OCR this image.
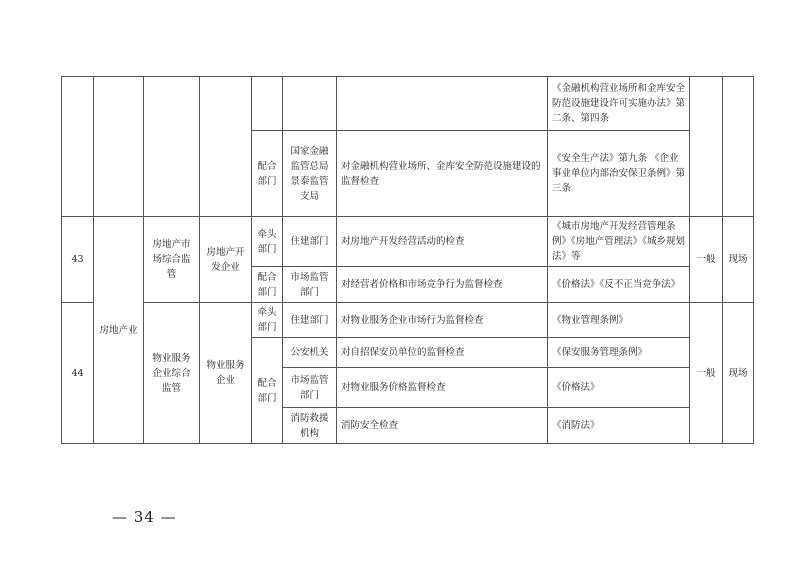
							《金融机构营业场所和金库安全防范设施建设许可实施办法》第二条、第四条		
				配合部门	国家金融监管总局景泰监管支局	对金融机构营业场所、金库安全防范设施建设的监督检查	《安全生产法》第九条 《企业事业单位内部治安保卫条例》第三条		
43	房地产业	房地产市场综合监管	房地产开发企业	牵头部门	住建部门	对房地产开发经营活动的检查	《城市房地产开发经营管理条例》《房地产管理法》《城乡规划法》等	一般	现场
				配合部门	市场监管部门	对经营者价格和市场竞争行为监督检查	《价格法》《反不正当竞争法》		
44		物业服务企业综合监管	物业服务企业	牵头部门	住建部门	对物业服务企业市场行为监督检查	《物业管理条例》	一般	现场
				配合部门	公安机关	对自招保安员单位的监督检查	《保安服务管理条例》		
					市场监管部门	对物业服务价格监督检查	《价格法》		
					消防救援机构	消防安全检查	《消防法》		
— 34 —
